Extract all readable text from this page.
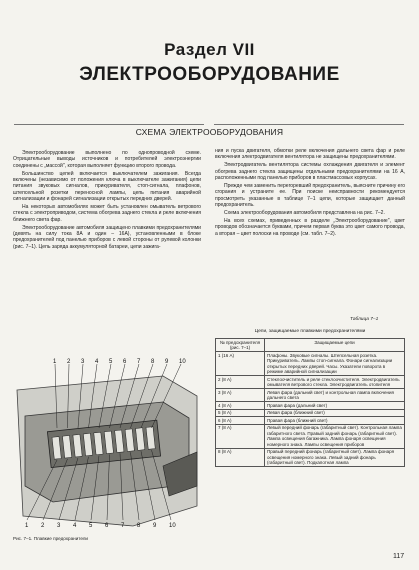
Раздел VII
ЭЛЕКТРООБОРУДОВАНИЕ
СХЕМА ЭЛЕКТРООБОРУДОВАНИЯ

Электрооборудование выполнено по однопроводной схеме. Отрицательные выводы источников и потребителей электроэнергии соединены с „массой", которая выполняет функцию второго провода.

Большинство цепей включается выключателем зажигания. Всегда включены (независимо от положения ключа в выключателе зажигания) цепи питания звуковых сигналов, прикуривателя, стоп-сигнала, плафонов, штепсельной розетки переносной лампы, цепь питания аварийной сигнализации и фонарей сигнализации открытых передних дверей.

На некоторых автомобилях может быть установлен омыватель ветрового стекла с электроприводом, система обогрева заднего стекла и реле включения ближнего света фар.

Электрооборудование автомобиля защищено плавкими предохранителями (девять на силу тока 8А и один – 16А), установленными в блоке предохранителей под панелью приборов с левой стороны от рулевой колонки (рис. 7–1). Цепь заряда аккумуляторной батареи, цепи зажига-

ния и пуска двигателя, обмотки реле включения дальнего света фар и реле включения электродвигателя вентилятора не защищены предохранителями.

Электродвигатель вентилятора системы охлаждения двигателя и элемент обогрева заднего стекла защищены отдельными предохранителями на 16 А, расположенными под панелью приборов в пластмассовых корпусах.

Прежде чем заменить перегоревший предохранитель, выясните причину его сгорания и устраните ее. При поиске неисправности рекомендуется просмотреть указанные в таблице 7–1 цепи, которые защищает данный предохранитель.

Схема электрооборудования автомобиля представлена на рис. 7–2.

На всех схемах, приведенных в разделе „Электрооборудование", цвет проводов обозначается буквами, причем первая буква это цвет самого провода, а вторая – цвет полоски на проводе (см. табл. 7–2).

Таблица 7–1
Цепи, защищаемые плавкими предохранителями
№ предохранителя (рис. 7–1)	Защищаемые цепи
1 (16 А)	Плафоны. Звуковые сигналы. Штепсельная розетка. Прикуриватель. Лампы стоп-сигнала. Фонари сигнализации открытых передних дверей. Часы. Указатели поворота в режиме аварийной сигнализации
2 (8 А)	Стеклоочиститель и реле стеклоочистителя. Электродвигатель омывателя ветрового стекла. Электродвигатель отопителя
3 (8 А)	Левая фара (дальний свет) и контрольная лампа включения дальнего света
4 (8 А)	Правая фара (дальний свет)
5 (8 А)	Левая фара (ближний свет)
6 (8 А)	Правая фара (ближний свет)
7 (8 А)	Левый передний фонарь (габаритный свет). Контрольная лампа габаритного света. Правый задний фонарь (габаритный свет). Лампа освещения багажника. Лампа фонаря освещения номерного знака. Лампы освещения приборов
8 (8 А)	Правый передний фонарь (габаритный свет). Лампа фонаря освещения номерного знака. Левый задний фонарь (габаритный свет). Подкапотная лампа
1 2 3 4 5 6 7 8 9 10
1 2 3 4 5 6 7 8 9 10
Рис. 7–1. Плавкие предохранители
117
